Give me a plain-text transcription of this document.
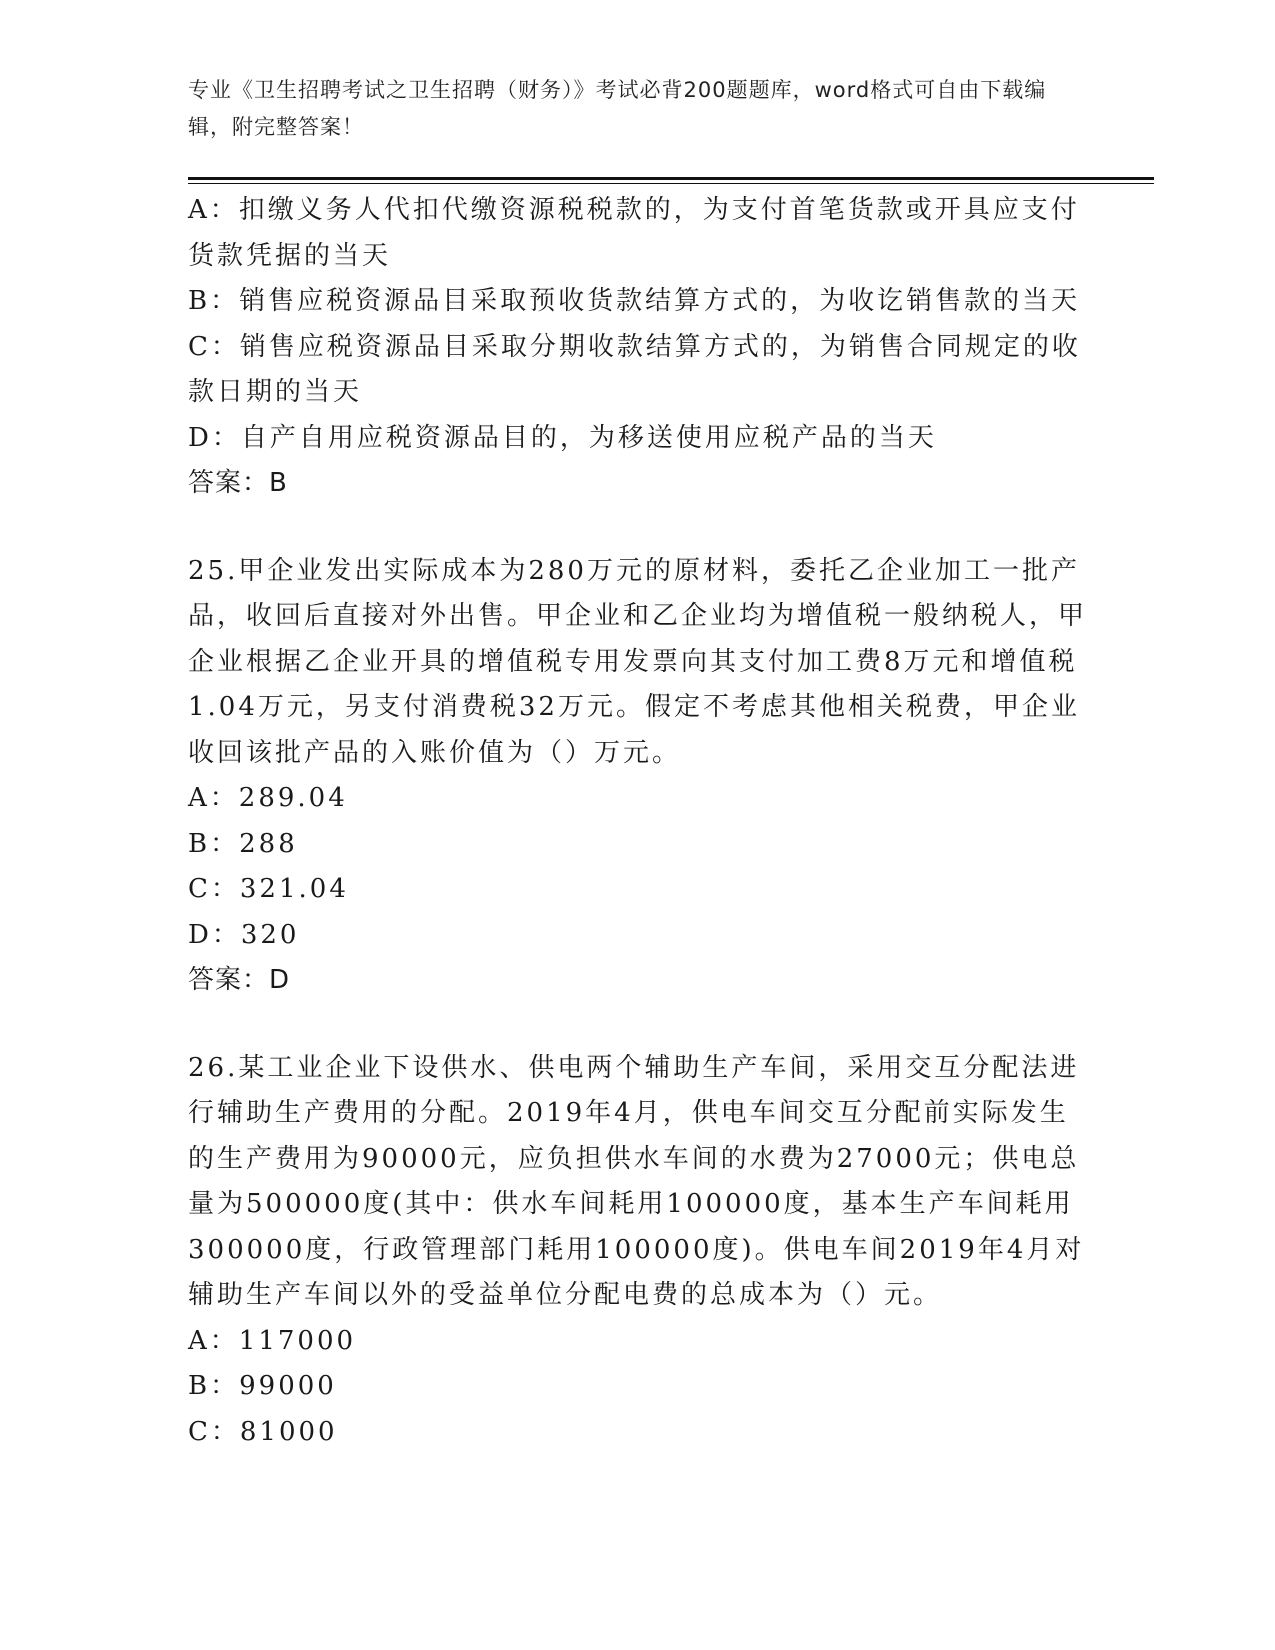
专业《卫生招聘考试之卫生招聘（财务）》考试必背200题题库，word格式可自由下载编辑，附完整答案！
A：扣缴义务人代扣代缴资源税税款的，为支付首笔货款或开具应支付货款凭据的当天
B：销售应税资源品目采取预收货款结算方式的，为收讫销售款的当天
C：销售应税资源品目采取分期收款结算方式的，为销售合同规定的收款日期的当天
D：自产自用应税资源品目的，为移送使用应税产品的当天
答案：B
25.甲企业发出实际成本为280万元的原材料，委托乙企业加工一批产品，收回后直接对外出售。甲企业和乙企业均为增值税一般纳税人，甲企业根据乙企业开具的增值税专用发票向其支付加工费8万元和增值税1.04万元，另支付消费税32万元。假定不考虑其他相关税费，甲企业收回该批产品的入账价值为（）万元。
A：289.04
B：288
C：321.04
D：320
答案：D
26.某工业企业下设供水、供电两个辅助生产车间，采用交互分配法进行辅助生产费用的分配。2019年4月，供电车间交互分配前实际发生的生产费用为90000元，应负担供水车间的水费为27000元；供电总量为500000度(其中：供水车间耗用100000度，基本生产车间耗用300000度，行政管理部门耗用100000度)。供电车间2019年4月对辅助生产车间以外的受益单位分配电费的总成本为（）元。
A：117000
B：99000
C：81000
